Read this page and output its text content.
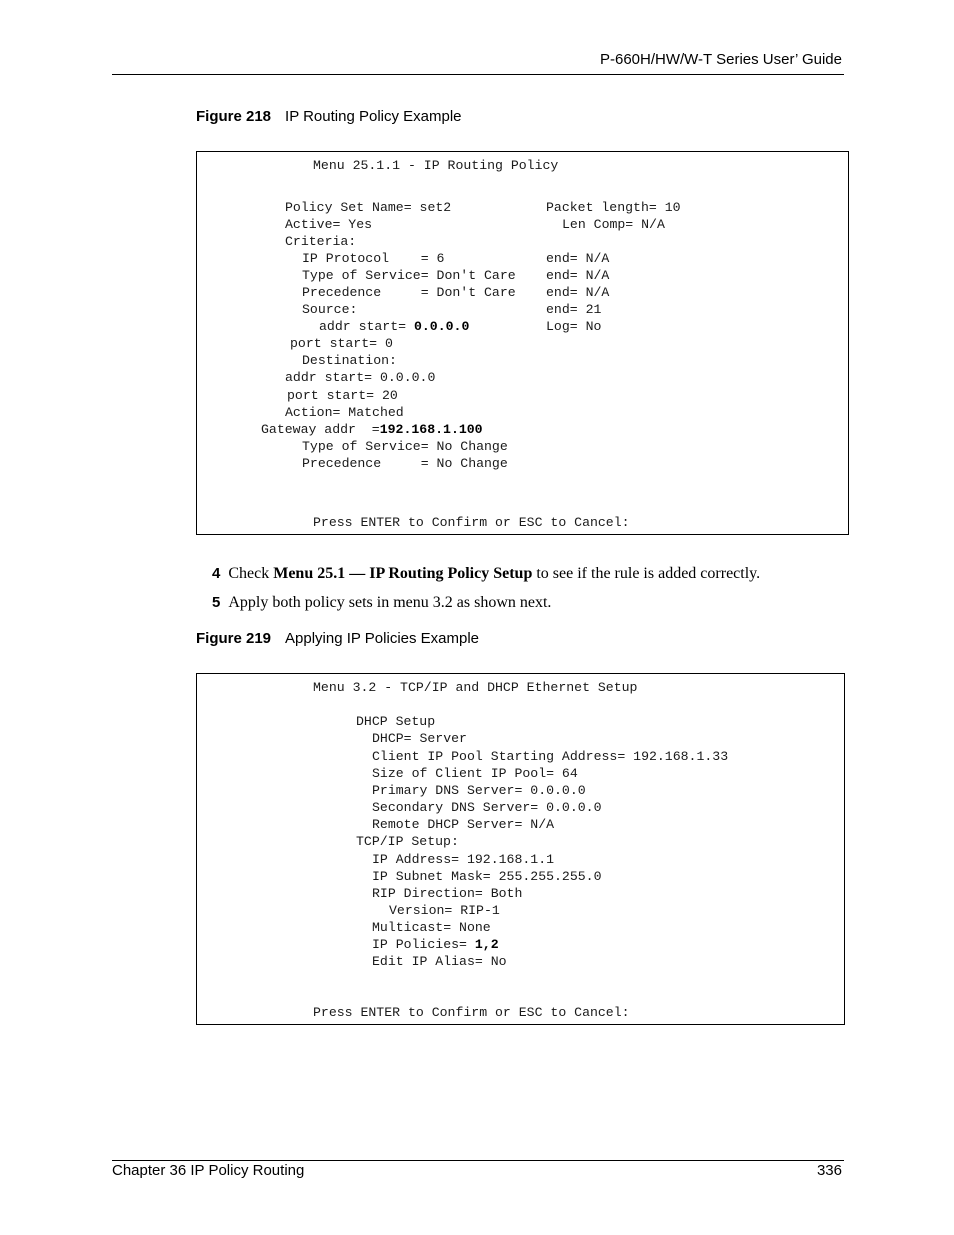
P-660H/HW/W-T Series User’ Guide
Figure 218 IP Routing Policy Example
Menu 25.1.1 - IP Routing Policy
Policy Set Name= set2	Packet length= 10
Active= Yes	Len Comp= N/A
Criteria:
IP Protocol    = 6	end= N/A
Type of Service= Don't Care end= N/A
Precedence     = Don't Care end= N/A
Source:	end= 21
addr start= 0.0.0.0	Log= No
port start= 0
Destination:
addr start= 0.0.0.0
port start= 20
Action= Matched
Gateway addr  =192.168.1.100
Type of Service= No Change
Precedence     = No Change
Press ENTER to Confirm or ESC to Cancel:
4 Check Menu 25.1 — IP Routing Policy Setup to see if the rule is added correctly.
5 Apply both policy sets in menu 3.2 as shown next.
Figure 219 Applying IP Policies Example
Menu 3.2 - TCP/IP and DHCP Ethernet Setup
DHCP Setup
DHCP= Server
Client IP Pool Starting Address= 192.168.1.33
Size of Client IP Pool= 64
Primary DNS Server= 0.0.0.0
Secondary DNS Server= 0.0.0.0
Remote DHCP Server= N/A
TCP/IP Setup:
IP Address= 192.168.1.1
IP Subnet Mask= 255.255.255.0
RIP Direction= Both
Version= RIP-1
Multicast= None
IP Policies= 1,2
Edit IP Alias= No
Press ENTER to Confirm or ESC to Cancel:
Chapter 36 IP Policy Routing	336
